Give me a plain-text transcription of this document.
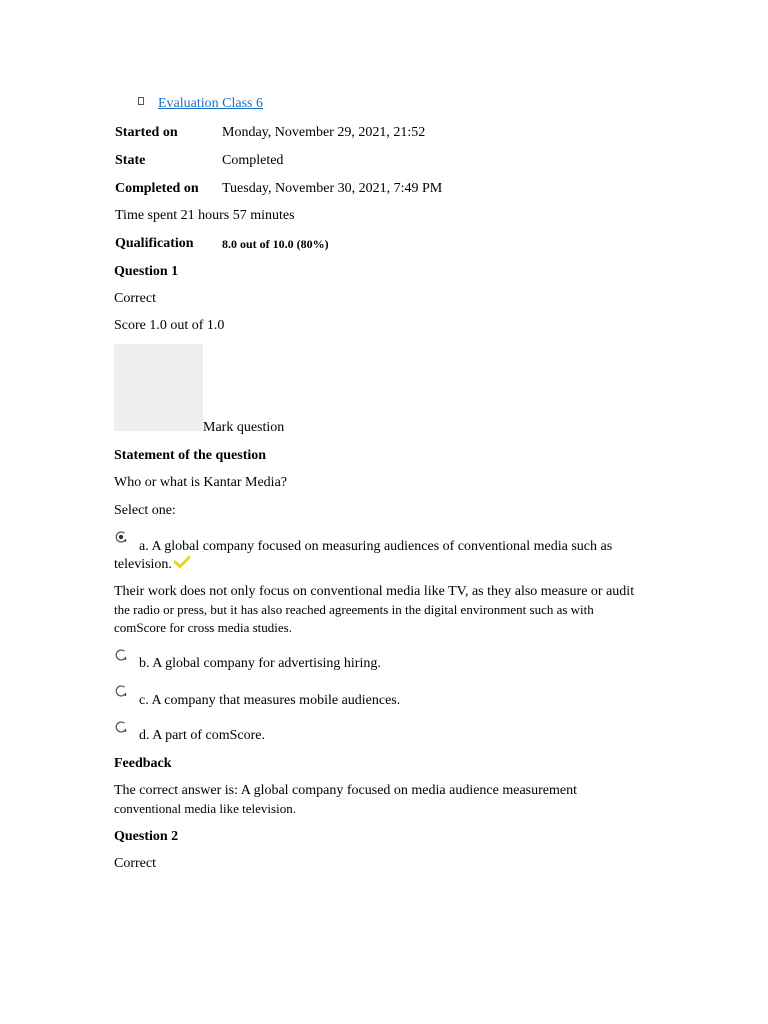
Evaluation Class 6
Started on	Monday, November 29, 2021, 21:52
State	Completed
Completed on Tuesday, November 30, 2021, 7:49 PM
Time spent 21 hours 57 minutes
Qualification 8.0 out of 10.0 (80%)
Question 1
Correct
Score 1.0 out of 1.0
Mark question
Statement of the question
Who or what is Kantar Media?
Select one:
a. A global company focused on measuring audiences of conventional media such as
television.
Their work does not only focus on conventional media like TV, as they also measure or audit
the radio or press, but it has also reached agreements in the digital environment such as with
comScore for cross media studies.
b. A global company for advertising hiring.
c. A company that measures mobile audiences.
d. A part of comScore.
Feedback
The correct answer is: A global company focused on media audience measurement
conventional media like television.
Question 2
Correct
